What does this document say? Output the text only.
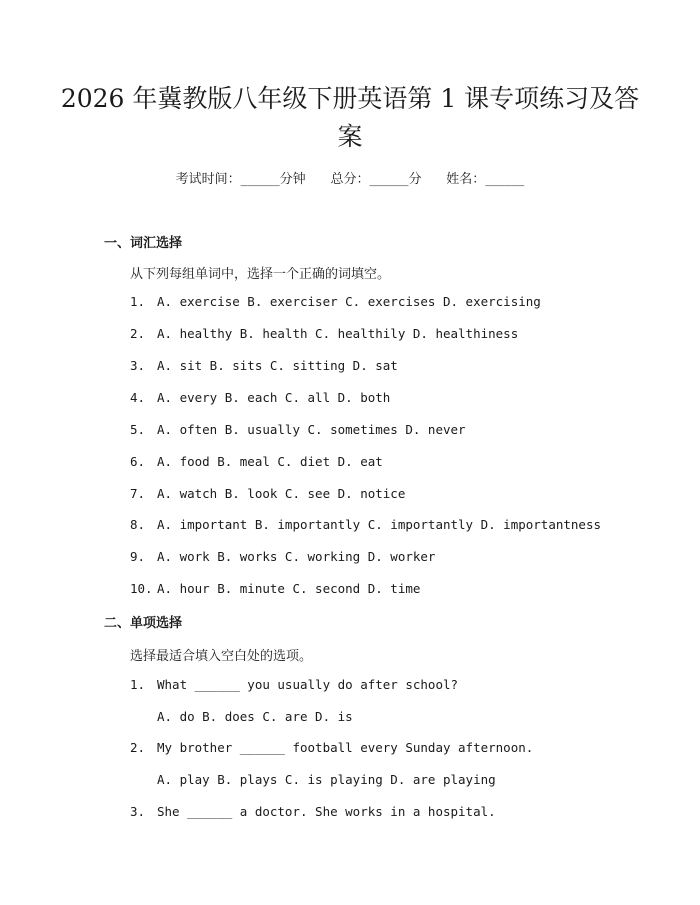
2026 年冀教版八年级下册英语第 1 课专项练习及答案
考试时间：______分钟 总分：______分 姓名：______
一、词汇选择
从下列每组单词中，选择一个正确的词填空。
1. A. exercise B. exerciser C. exercises D. exercising
2. A. healthy B. health C. healthily D. healthiness
3. A. sit B. sits C. sitting D. sat
4. A. every B. each C. all D. both
5. A. often B. usually C. sometimes D. never
6. A. food B. meal C. diet D. eat
7. A. watch B. look C. see D. notice
8. A. important B. importantly C. importantly D. importantness
9. A. work B. works C. working D. worker
10. A. hour B. minute C. second D. time
二、单项选择
选择最适合填入空白处的选项。
1. What ______ you usually do after school?
A. do B. does C. are D. is
2. My brother ______ football every Sunday afternoon.
A. play B. plays C. is playing D. are playing
3. She ______ a doctor. She works in a hospital.
